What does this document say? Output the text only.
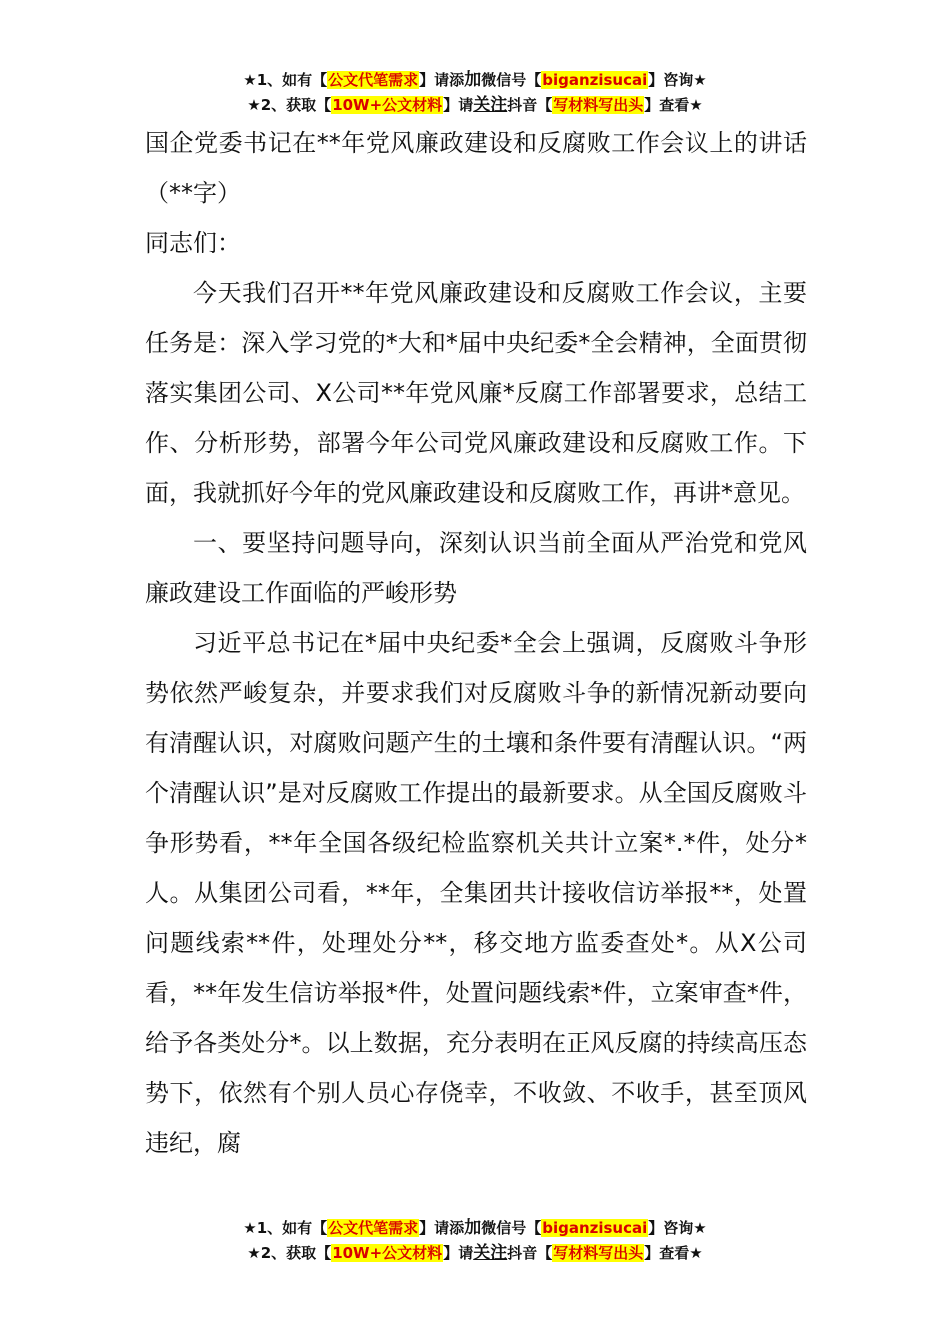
★1、如有【公文代笔需求】请添加微信号【biganzisucai】咨询★
★2、获取【10W+公文材料】请关注抖音【写材料写出头】查看★

国企党委书记在**年党风廉政建设和反腐败工作会议上的讲话（**字）

同志们：

今天我们召开**年党风廉政建设和反腐败工作会议，主要任务是：深入学习党的*大和*届中央纪委*全会精神，全面贯彻落实集团公司、X公司**年党风廉*反腐工作部署要求，总结工作、分析形势，部署今年公司党风廉政建设和反腐败工作。下面，我就抓好今年的党风廉政建设和反腐败工作，再讲*意见。

一、要坚持问题导向，深刻认识当前全面从严治党和党风廉政建设工作面临的严峻形势

习近平总书记在*届中央纪委*全会上强调，反腐败斗争形势依然严峻复杂，并要求我们对反腐败斗争的新情况新动要向有清醒认识，对腐败问题产生的土壤和条件要有清醒认识。“两个清醒认识”是对反腐败工作提出的最新要求。从全国反腐败斗争形势看，**年全国各级纪检监察机关共计立案*.*件，处分*人。从集团公司看，**年，全集团共计接收信访举报**，处置问题线索**件，处理处分**，移交地方监委查处*。从X公司看，**年发生信访举报*件，处置问题线索*件，立案审查*件，给予各类处分*。以上数据，充分表明在正风反腐的持续高压态势下，依然有个别人员心存侥幸，不收敛、不收手，甚至顶风违纪，腐

★1、如有【公文代笔需求】请添加微信号【biganzisucai】咨询★
★2、获取【10W+公文材料】请关注抖音【写材料写出头】查看★
